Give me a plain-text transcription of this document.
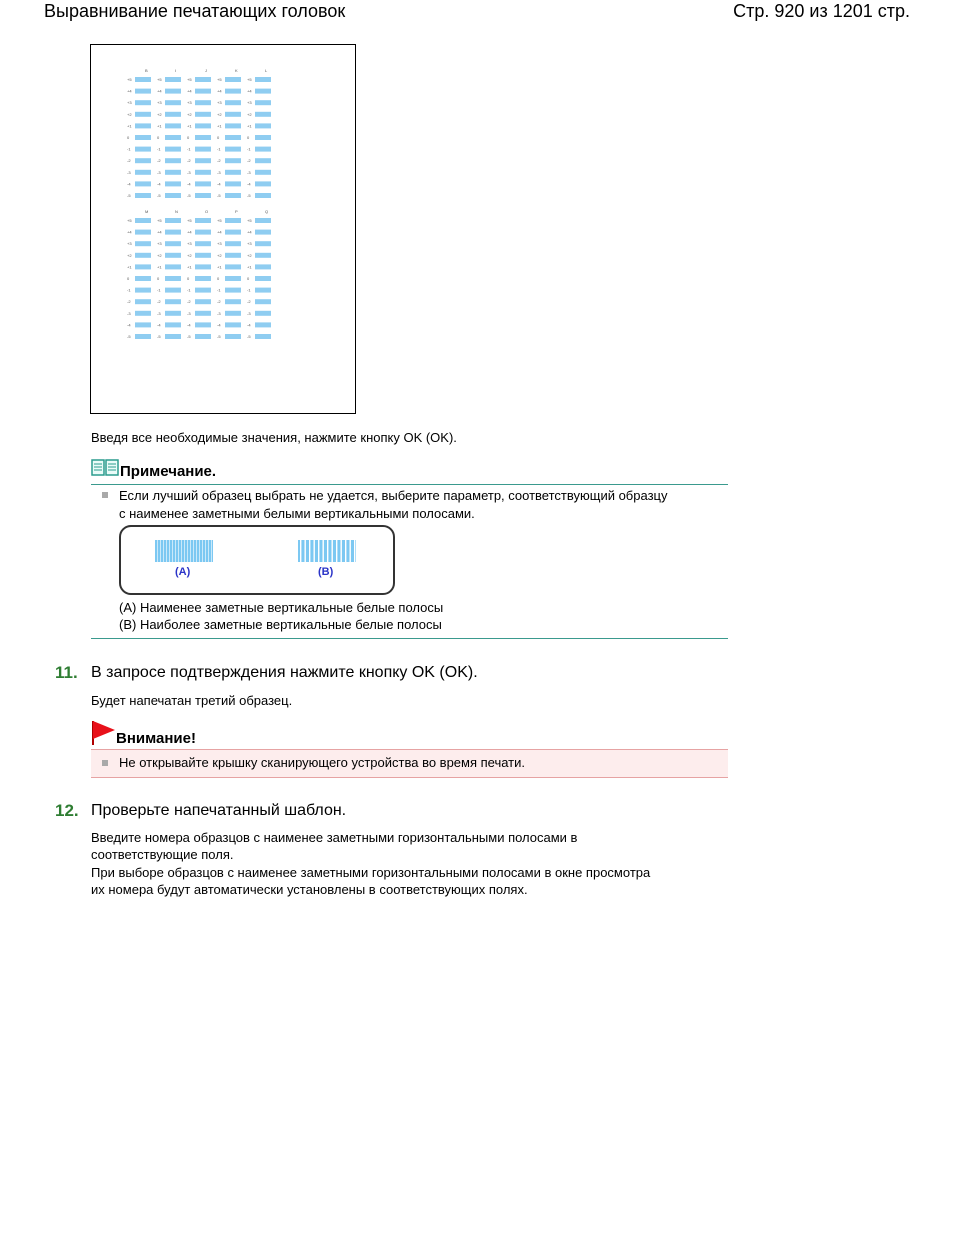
Выравнивание печатающих головок	Стр. 920 из 1201 стр.
B	I	J	K	L
+5	+5	+5	+5	+5
+4	+4	+4	+4	+4
+3	+3	+3	+3	+3
+2	+2	+2	+2	+2
+1	+1	+1	+1	+1
0	0	0	0	0
-1	-1	-1	-1	-1
-2	-2	-2	-2	-2
-3	-3	-3	-3	-3
-4	-4	-4	-4	-4
-5	-5	-5	-5	-5
M	N	O	P	Q
+5	+5	+5	+5	+5
+4	+4	+4	+4	+4
+3	+3	+3	+3	+3
+2	+2	+2	+2	+2
+1	+1	+1	+1	+1
0	0	0	0	0
-1	-1	-1	-1	-1
-2	-2	-2	-2	-2
-3	-3	-3	-3	-3
-4	-4	-4	-4	-4
-5	-5	-5	-5	-5
Введя все необходимые значения, нажмите кнопку OK (OK).
Примечание.
Если лучший образец выбрать не удается, выберите параметр, соответствующий образцу
с наименее заметными белыми вертикальными полосами.
(A)	(B)
(A) Наименее заметные вертикальные белые полосы
(B) Наиболее заметные вертикальные белые полосы
11. В запросе подтверждения нажмите кнопку OK (OK).
Будет напечатан третий образец.
Внимание!
Не открывайте крышку сканирующего устройства во время печати.
12. Проверьте напечатанный шаблон.
Введите номера образцов с наименее заметными горизонтальными полосами в
соответствующие поля.
При выборе образцов с наименее заметными горизонтальными полосами в окне просмотра
их номера будут автоматически установлены в соответствующих полях.
